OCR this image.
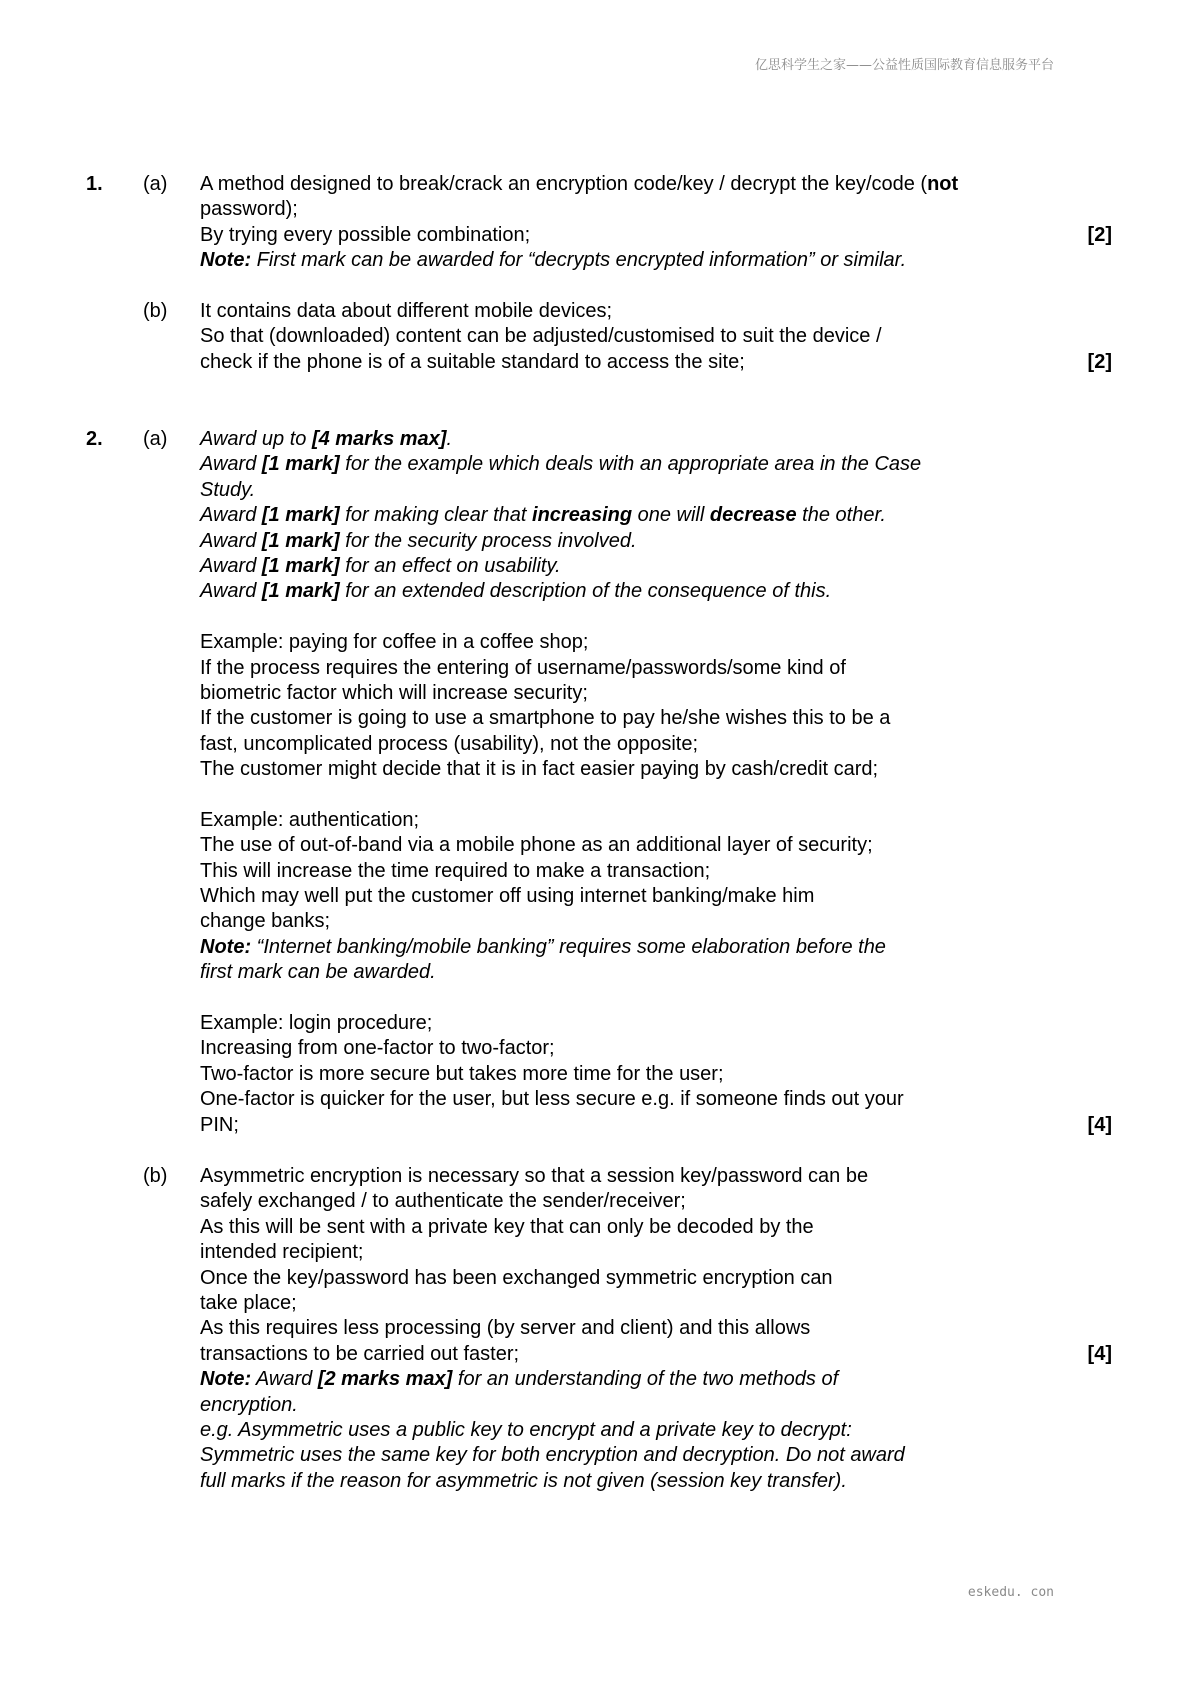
亿思科学生之家——公益性质国际教育信息服务平台
1. (a) A method designed to break/crack an encryption code/key / decrypt the key/code (not
password);
By trying every possible combination;
Note: First mark can be awarded for “decrypts encrypted information” or similar.
[2]
(b) It contains data about different mobile devices;
So that (downloaded) content can be adjusted/customised to suit the device /
check if the phone is of a suitable standard to access the site;	[2]
2. (a) Award up to [4 marks max].
Award [1 mark] for the example which deals with an appropriate area in the Case
Study.
Award [1 mark] for making clear that increasing one will decrease the other.
Award [1 mark] for the security process involved.
Award [1 mark] for an effect on usability.
Award [1 mark] for an extended description of the consequence of this.
Example: paying for coffee in a coffee shop;
If the process requires the entering of username/passwords/some kind of
biometric factor which will increase security;
If the customer is going to use a smartphone to pay he/she wishes this to be a
fast, uncomplicated process (usability), not the opposite;
The customer might decide that it is in fact easier paying by cash/credit card;
Example: authentication;
The use of out-of-band via a mobile phone as an additional layer of security;
This will increase the time required to make a transaction;
Which may well put the customer off using internet banking/make him
change banks;
Note: “Internet banking/mobile banking” requires some elaboration before the
first mark can be awarded.
Example: login procedure;
Increasing from one-factor to two-factor;
Two-factor is more secure but takes more time for the user;
One-factor is quicker for the user, but less secure e.g. if someone finds out your
PIN;	[4]
(b) Asymmetric encryption is necessary so that a session key/password can be
safely exchanged / to authenticate the sender/receiver;
As this will be sent with a private key that can only be decoded by the
intended recipient;
Once the key/password has been exchanged symmetric encryption can
take place;
As this requires less processing (by server and client) and this allows
transactions to be carried out faster;
Note: Award [2 marks max] for an understanding of the two methods of
encryption.
e.g. Asymmetric uses a public key to encrypt and a private key to decrypt:
Symmetric uses the same key for both encryption and decryption. Do not award
full marks if the reason for asymmetric is not given (session key transfer).
[4]
eskedu. con
